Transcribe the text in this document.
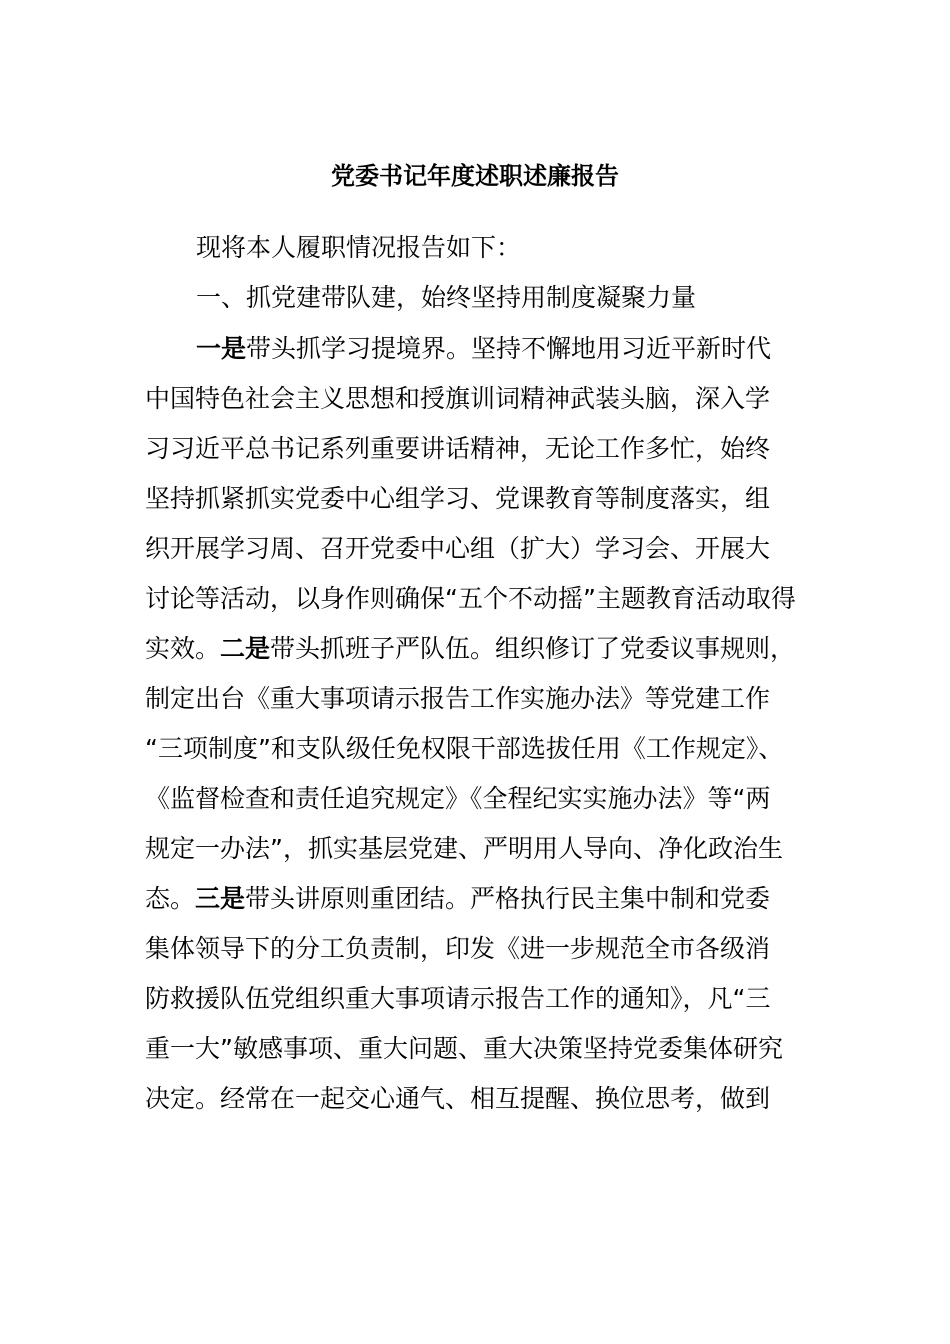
党委书记年度述职述廉报告
现将本人履职情况报告如下：
一、抓党建带队建，始终坚持用制度凝聚力量
一是带头抓学习提境界。坚持不懈地用习近平新时代
中国特色社会主义思想和授旗训词精神武装头脑，深入学
习习近平总书记系列重要讲话精神，无论工作多忙，始终
坚持抓紧抓实党委中心组学习、党课教育等制度落实，组
织开展学习周、召开党委中心组（扩大）学习会、开展大
讨论等活动，以身作则确保“五个不动摇”主题教育活动取得
实效。二是带头抓班子严队伍。组织修订了党委议事规则，
制定出台《重大事项请示报告工作实施办法》等党建工作
“三项制度”和支队级任免权限干部选拔任用《工作规定》、
《监督检查和责任追究规定》《全程纪实实施办法》等“两
规定一办法”，抓实基层党建、严明用人导向、净化政治生
态。三是带头讲原则重团结。严格执行民主集中制和党委
集体领导下的分工负责制，印发《进一步规范全市各级消
防救援队伍党组织重大事项请示报告工作的通知》，凡“三
重一大”敏感事项、重大问题、重大决策坚持党委集体研究
决定。经常在一起交心通气、相互提醒、换位思考，做到
